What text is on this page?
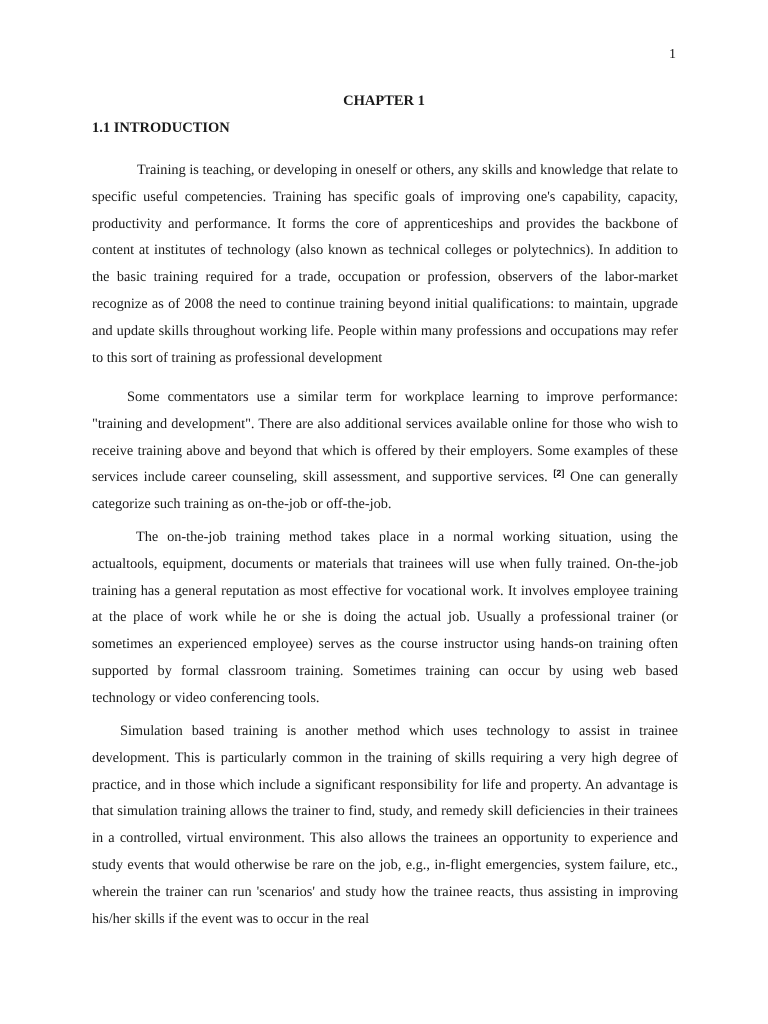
1
CHAPTER 1
1.1 INTRODUCTION

Training is teaching, or developing in oneself or others, any skills and knowledge that relate to specific useful competencies. Training has specific goals of improving one's capability, capacity, productivity and performance. It forms the core of apprenticeships and provides the backbone of content at institutes of technology (also known as technical colleges or polytechnics). In addition to the basic training required for a trade, occupation or profession, observers of the labor-market recognize as of 2008 the need to continue training beyond initial qualifications: to maintain, upgrade and update skills throughout working life. People within many professions and occupations may refer to this sort of training as professional development

Some commentators use a similar term for workplace learning to improve performance: "training and development". There are also additional services available online for those who wish to receive training above and beyond that which is offered by their employers. Some examples of these services include career counseling, skill assessment, and supportive services. [2] One can generally categorize such training as on-the-job or off-the-job.

The on-the-job training method takes place in a normal working situation, using the actualtools, equipment, documents or materials that trainees will use when fully trained. On-the-job training has a general reputation as most effective for vocational work. It involves employee training at the place of work while he or she is doing the actual job. Usually a professional trainer (or sometimes an experienced employee) serves as the course instructor using hands-on training often supported by formal classroom training. Sometimes training can occur by using web based technology or video conferencing tools.

Simulation based training is another method which uses technology to assist in trainee development. This is particularly common in the training of skills requiring a very high degree of practice, and in those which include a significant responsibility for life and property. An advantage is that simulation training allows the trainer to find, study, and remedy skill deficiencies in their trainees in a controlled, virtual environment. This also allows the trainees an opportunity to experience and study events that would otherwise be rare on the job, e.g., in-flight emergencies, system failure, etc., wherein the trainer can run 'scenarios' and study how the trainee reacts, thus assisting in improving his/her skills if the event was to occur in the real
